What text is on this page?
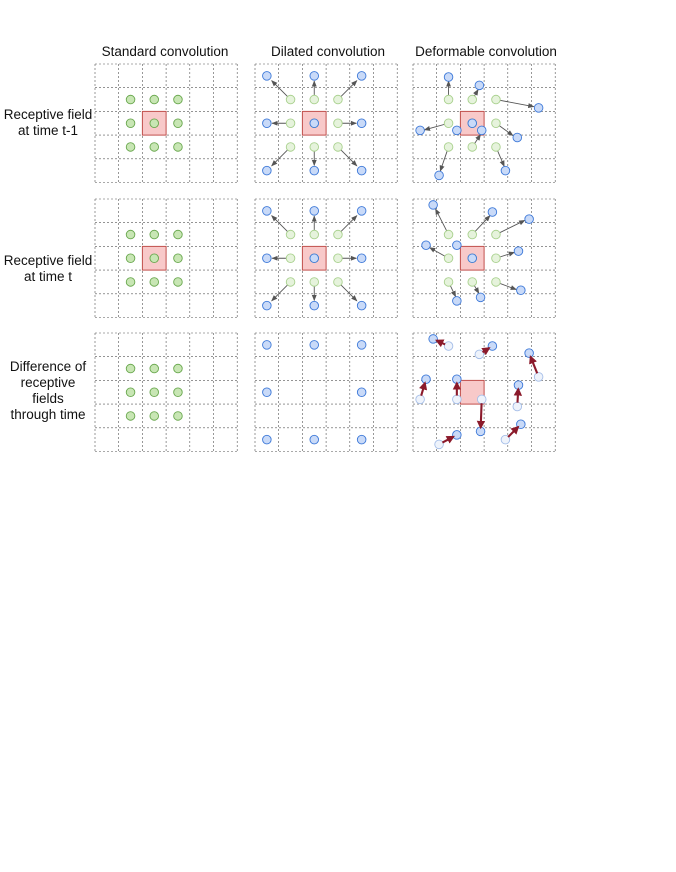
Standard convolution	Dilated convolution Deformable convolution
Receptive field
at time t-1
Receptive field
at time t
Difference of
receptive
fields
through time
